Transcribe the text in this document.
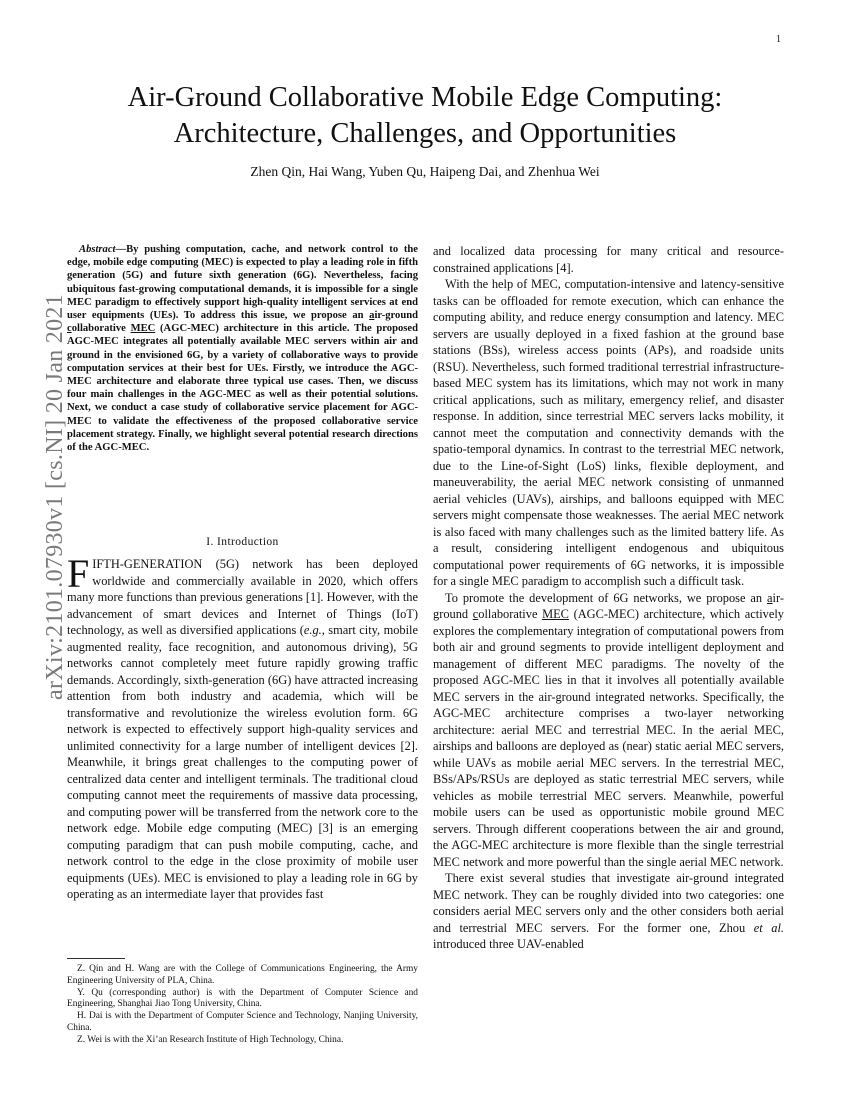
1
arXiv:2101.07930v1 [cs.NI] 20 Jan 2021
Air-Ground Collaborative Mobile Edge Computing:
Architecture, Challenges, and Opportunities
Zhen Qin, Hai Wang, Yuben Qu, Haipeng Dai, and Zhenhua Wei

Abstract—By pushing computation, cache, and network control to the edge, mobile edge computing (MEC) is expected to play a leading role in fifth generation (5G) and future sixth generation (6G). Nevertheless, facing ubiquitous fast-growing computational demands, it is impossible for a single MEC paradigm to effectively support high-quality intelligent services at end user equipments (UEs). To address this issue, we propose an air-ground collaborative MEC (AGC-MEC) architecture in this article. The proposed AGC-MEC integrates all potentially available MEC servers within air and ground in the envisioned 6G, by a variety of collaborative ways to provide computation services at their best for UEs. Firstly, we introduce the AGC-MEC architecture and elaborate three typical use cases. Then, we discuss four main challenges in the AGC-MEC as well as their potential solutions. Next, we conduct a case study of collaborative service placement for AGC-MEC to validate the effectiveness of the proposed collaborative service placement strategy. Finally, we highlight several potential research directions of the AGC-MEC.

I. Introduction

FIFTH-GENERATION (5G) network has been deployed worldwide and commercially available in 2020, which offers many more functions than previous generations [1]. However, with the advancement of smart devices and Internet of Things (IoT) technology, as well as diversified applications (e.g., smart city, mobile augmented reality, face recognition, and autonomous driving), 5G networks cannot completely meet future rapidly growing traffic demands. Accordingly, sixth-generation (6G) have attracted increasing attention from both industry and academia, which will be transformative and revolutionize the wireless evolution form. 6G network is expected to effectively support high-quality services and unlimited connectivity for a large number of intelligent devices [2]. Meanwhile, it brings great challenges to the computing power of centralized data center and intelligent terminals. The traditional cloud computing cannot meet the requirements of massive data processing, and computing power will be transferred from the network core to the network edge. Mobile edge computing (MEC) [3] is an emerging computing paradigm that can push mobile computing, cache, and network control to the edge in the close proximity of mobile user equipments (UEs). MEC is envisioned to play a leading role in 6G by operating as an intermediate layer that provides fast

Z. Qin and H. Wang are with the College of Communications Engineering, the Army Engineering University of PLA, China.

Y. Qu (corresponding author) is with the Department of Computer Science and Engineering, Shanghai Jiao Tong University, China.

H. Dai is with the Department of Computer Science and Technology, Nanjing University, China.

Z. Wei is with the Xi’an Research Institute of High Technology, China.

and localized data processing for many critical and resource-constrained applications [4].

With the help of MEC, computation-intensive and latency-sensitive tasks can be offloaded for remote execution, which can enhance the computing ability, and reduce energy consumption and latency. MEC servers are usually deployed in a fixed fashion at the ground base stations (BSs), wireless access points (APs), and roadside units (RSU). Nevertheless, such formed traditional terrestrial infrastructure-based MEC system has its limitations, which may not work in many critical applications, such as military, emergency relief, and disaster response. In addition, since terrestrial MEC servers lacks mobility, it cannot meet the computation and connectivity demands with the spatio-temporal dynamics. In contrast to the terrestrial MEC network, due to the Line-of-Sight (LoS) links, flexible deployment, and maneuverability, the aerial MEC network consisting of unmanned aerial vehicles (UAVs), airships, and balloons equipped with MEC servers might compensate those weaknesses. The aerial MEC network is also faced with many challenges such as the limited battery life. As a result, considering intelligent endogenous and ubiquitous computational power requirements of 6G networks, it is impossible for a single MEC paradigm to accomplish such a difficult task.

To promote the development of 6G networks, we propose an air-ground collaborative MEC (AGC-MEC) architecture, which actively explores the complementary integration of computational powers from both air and ground segments to provide intelligent deployment and management of different MEC paradigms. The novelty of the proposed AGC-MEC lies in that it involves all potentially available MEC servers in the air-ground integrated networks. Specifically, the AGC-MEC architecture comprises a two-layer networking architecture: aerial MEC and terrestrial MEC. In the aerial MEC, airships and balloons are deployed as (near) static aerial MEC servers, while UAVs as mobile aerial MEC servers. In the terrestrial MEC, BSs/APs/RSUs are deployed as static terrestrial MEC servers, while vehicles as mobile terrestrial MEC servers. Meanwhile, powerful mobile users can be used as opportunistic mobile ground MEC servers. Through different cooperations between the air and ground, the AGC-MEC architecture is more flexible than the single terrestrial MEC network and more powerful than the single aerial MEC network.

There exist several studies that investigate air-ground integrated MEC network. They can be roughly divided into two categories: one considers aerial MEC servers only and the other considers both aerial and terrestrial MEC servers. For the former one, Zhou et al. introduced three UAV-enabled
